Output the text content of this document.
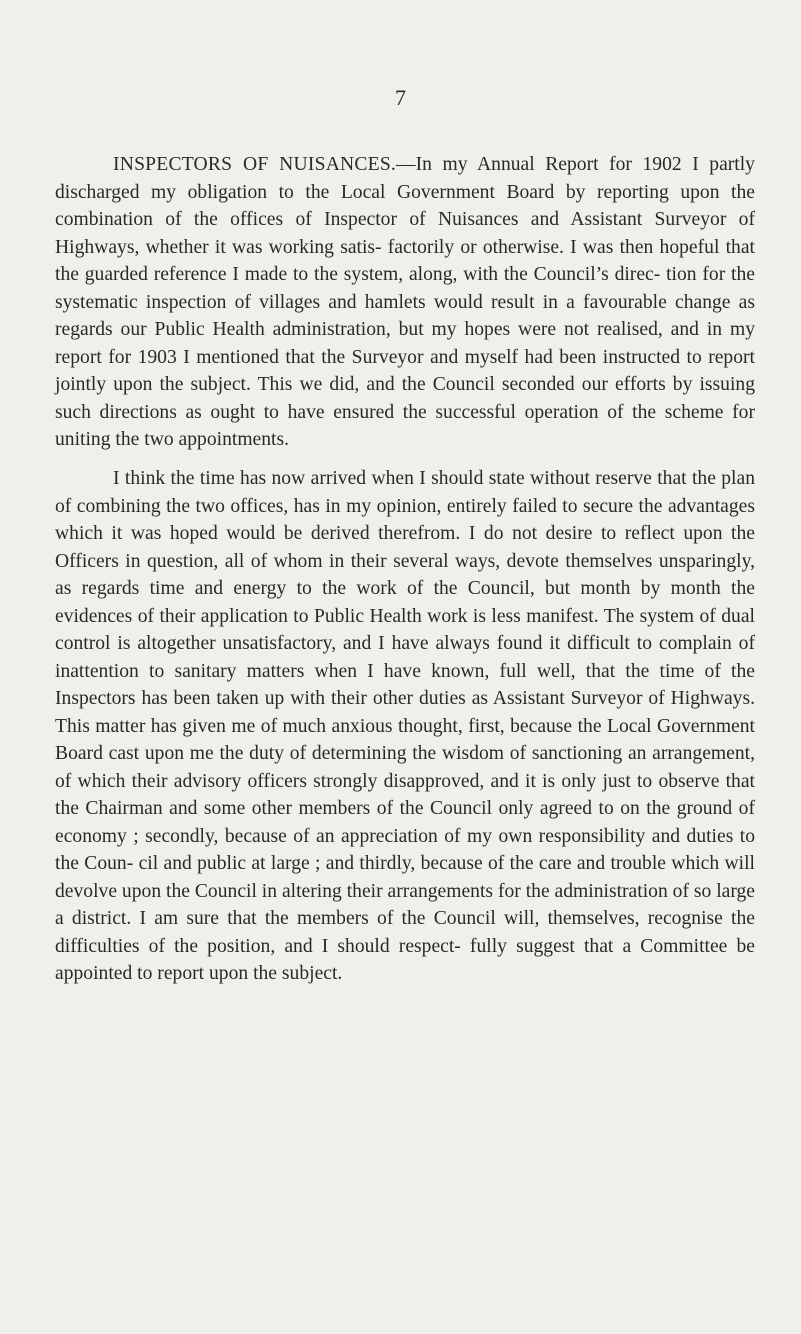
7

INSPECTORS OF NUISANCES.—In my Annual Report for 1902 I partly discharged my obligation to the Local Government Board by reporting upon the combination of the offices of Inspector of Nuisances and Assistant Surveyor of Highways, whether it was working satis- factorily or otherwise. I was then hopeful that the guarded reference I made to the system, along, with the Council’s direc- tion for the systematic inspection of villages and hamlets would result in a favourable change as regards our Public Health administration, but my hopes were not realised, and in my report for 1903 I mentioned that the Surveyor and myself had been instructed to report jointly upon the subject. This we did, and the Council seconded our efforts by issuing such directions as ought to have ensured the successful operation of the scheme for uniting the two appointments.

I think the time has now arrived when I should state without reserve that the plan of combining the two offices, has in my opinion, entirely failed to secure the advantages which it was hoped would be derived therefrom. I do not desire to reflect upon the Officers in question, all of whom in their several ways, devote themselves unsparingly, as regards time and energy to the work of the Council, but month by month the evidences of their application to Public Health work is less manifest. The system of dual control is altogether unsatisfactory, and I have always found it difficult to complain of inattention to sanitary matters when I have known, full well, that the time of the Inspectors has been taken up with their other duties as Assistant Surveyor of Highways. This matter has given me of much anxious thought, first, because the Local Government Board cast upon me the duty of determining the wisdom of sanctioning an arrangement, of which their advisory officers strongly disapproved, and it is only just to observe that the Chairman and some other members of the Council only agreed to on the ground of economy ; secondly, because of an appreciation of my own responsibility and duties to the Coun- cil and public at large ; and thirdly, because of the care and trouble which will devolve upon the Council in altering their arrangements for the administration of so large a district. I am sure that the members of the Council will, themselves, recognise the difficulties of the position, and I should respect- fully suggest that a Committee be appointed to report upon the subject.
